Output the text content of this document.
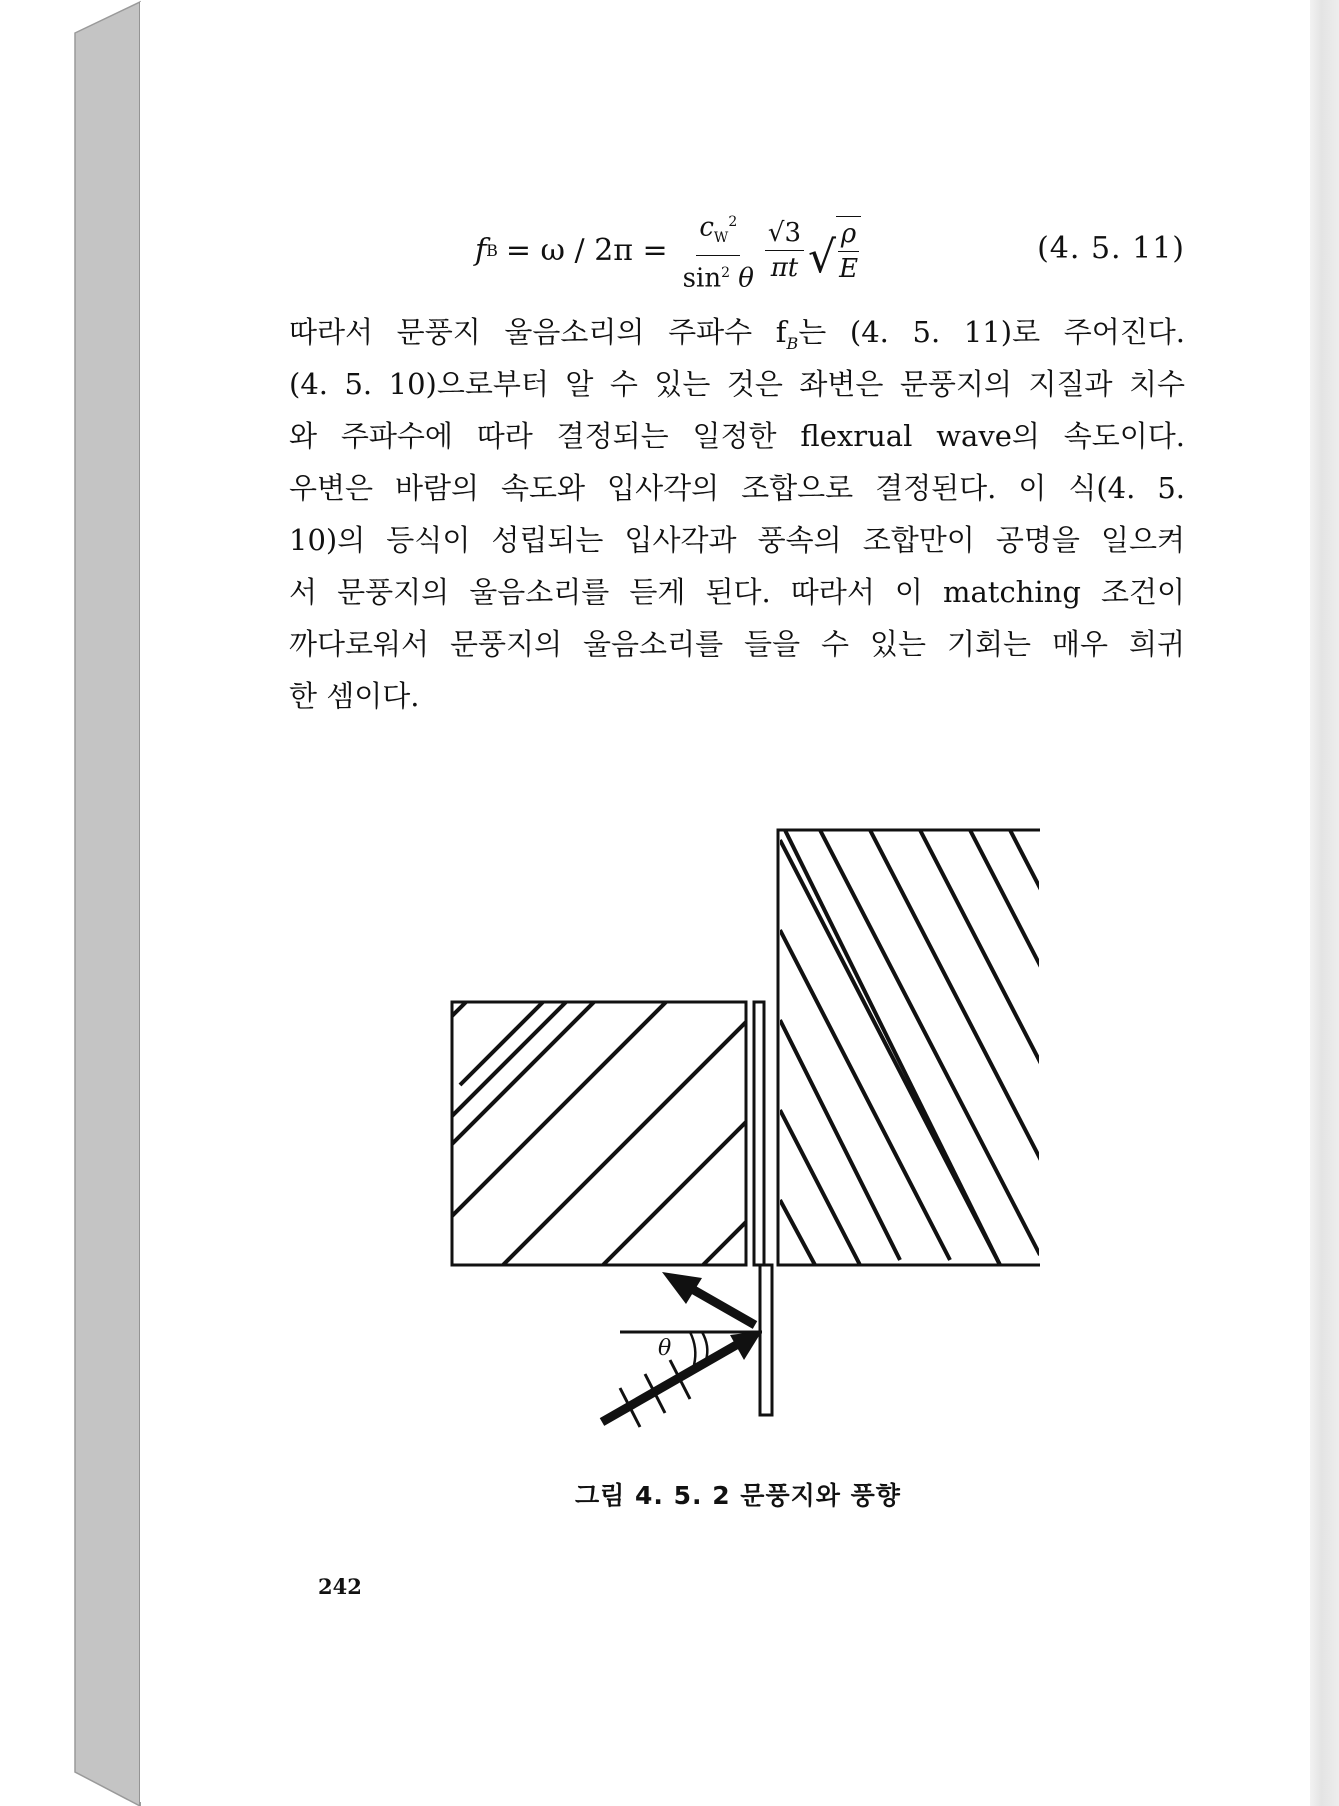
f $B = \omega / 2\pi = \frac{c_W^2}{\sin^2 \theta} \frac{√3}{\pi t}$ √ $\frac{\rho}{E}$	(4. 5. 11)
따라서 문풍지 울음소리의 주파수 $f_B$는 (4. 5. 11)로 주어진다.
(4. 5. 10)으로부터 알 수 있는 것은 좌변은 문풍지의 지질과 치수
와 주파수에 따라 결정되는 일정한 flexrual wave의 속도이다.
우변은 바람의 속도와 입사각의 조합으로 결정된다. 이 식(4. 5.
10)의 등식이 성립되는 입사각과 풍속의 조합만이 공명을 일으켜
서 문풍지의 울음소리를 듣게 된다. 따라서 이 matching 조건이
까다로워서 문풍지의 울음소리를 들을 수 있는 기회는 매우 희귀
한 셈이다.
θ
그림 4. 5. 2 문풍지와 풍향
242
